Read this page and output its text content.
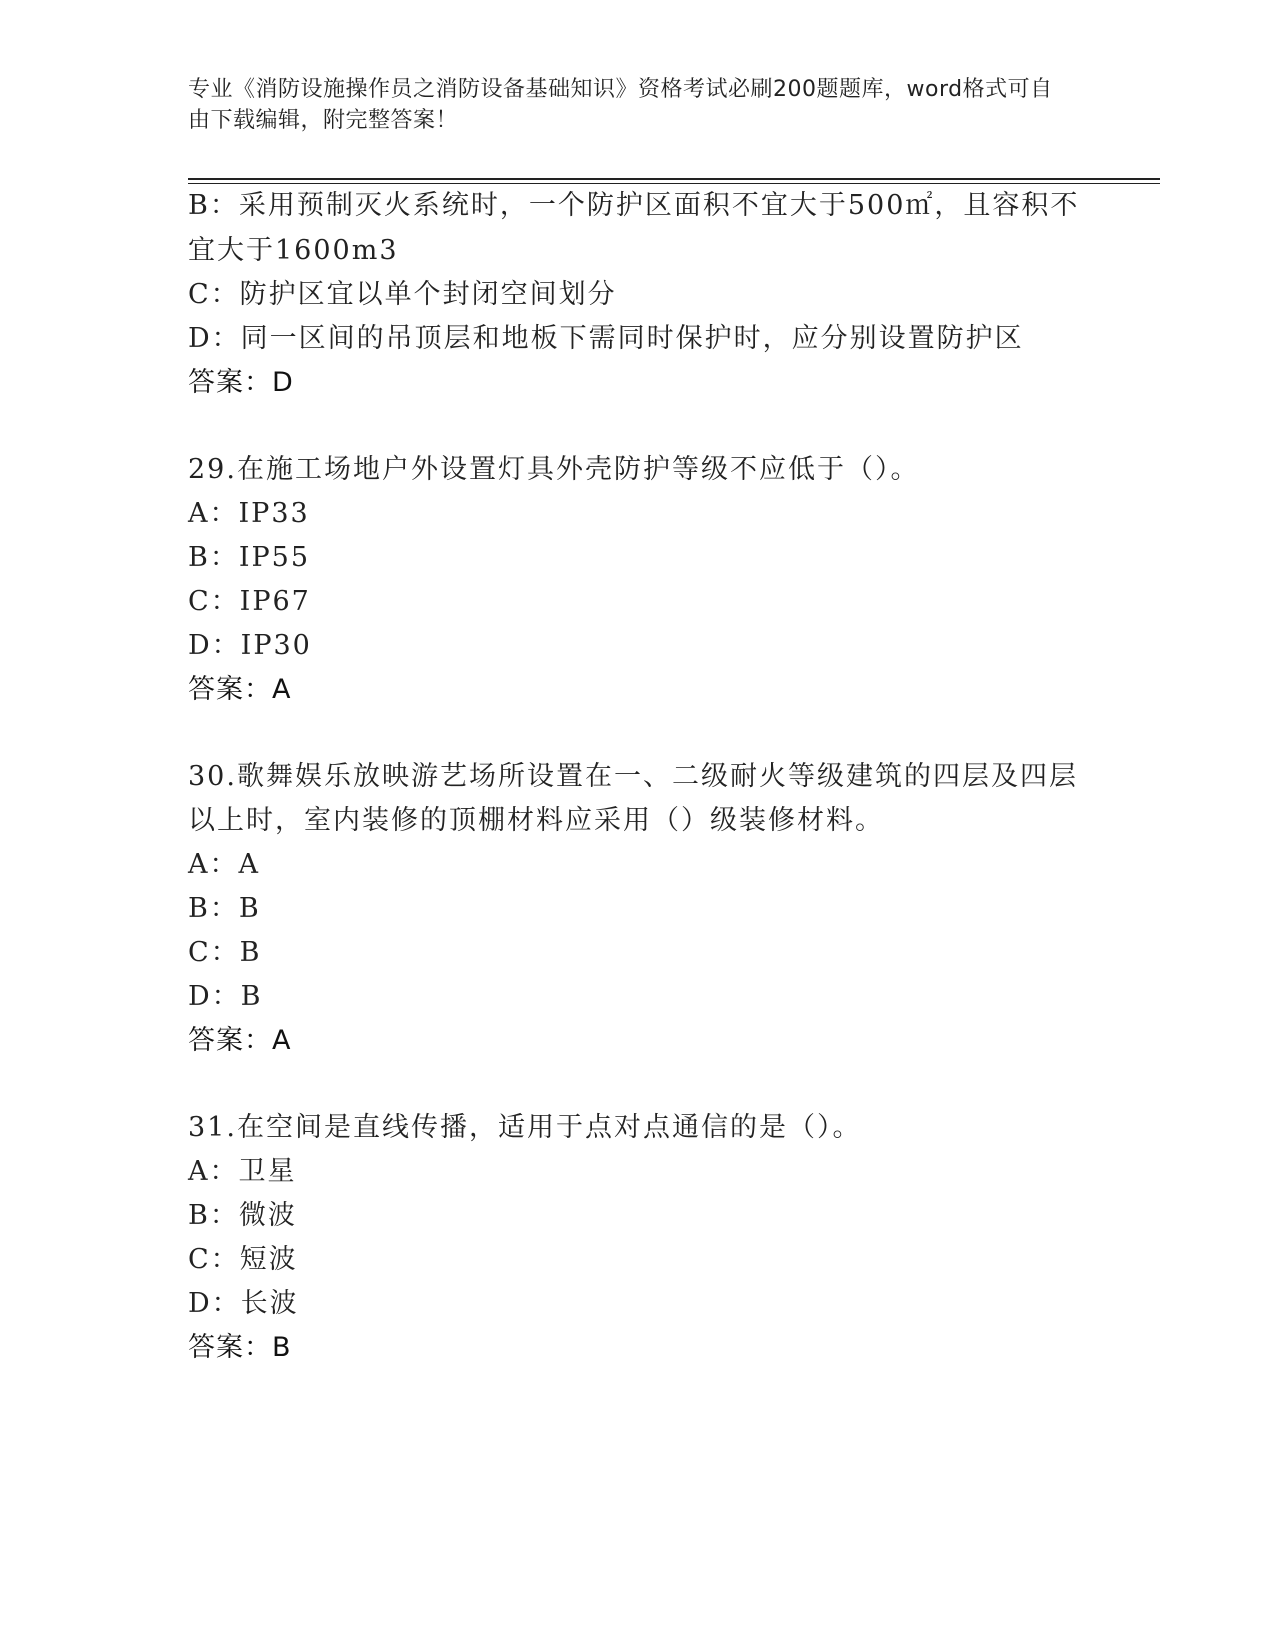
专业《消防设施操作员之消防设备基础知识》资格考试必刷200题题库，word格式可自由下载编辑，附完整答案！
B：采用预制灭火系统时，一个防护区面积不宜大于500㎡，且容积不
宜大于1600m3
C：防护区宜以单个封闭空间划分
D：同一区间的吊顶层和地板下需同时保护时，应分别设置防护区
答案：D
29.在施工场地户外设置灯具外壳防护等级不应低于（）。
A：IP33
B：IP55
C：IP67
D：IP30
答案：A
30.歌舞娱乐放映游艺场所设置在一、二级耐火等级建筑的四层及四层
以上时，室内装修的顶棚材料应采用（）级装修材料。
A：A
B：B
C：B
D：B
答案：A
31.在空间是直线传播，适用于点对点通信的是（）。
A：卫星
B：微波
C：短波
D：长波
答案：B
